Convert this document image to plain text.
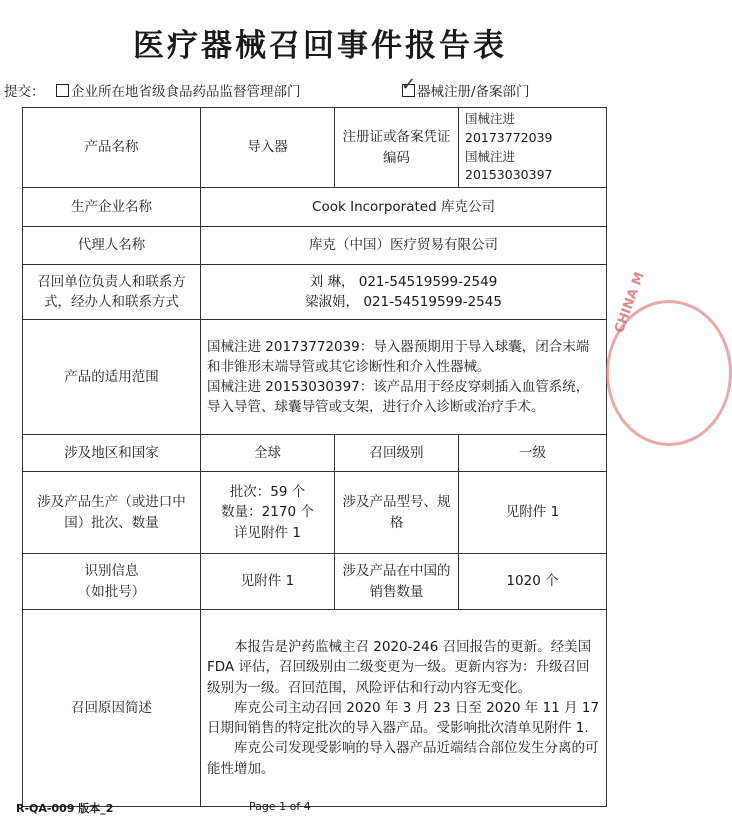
医疗器械召回事件报告表
提交：	企业所在地省级食品药品监督管理部门	✓ 器械注册/备案部门
产品名称	导入器	注册证或备案凭证编码	国械注进 20173772039
国械注进 20153030397

生产企业名称	Cook Incorporated 库克公司		
代理人名称	库克（中国）医疗贸易有限公司		
召回单位负责人和联系方式，经办人和联系方式	刘 琳， 021-54519599-2549
梁淑娟， 021-54519599-2545		

产品的适用范围	国械注进 20173772039：导入器预期用于导入球囊，闭合末端和非锥形末端导管或其它诊断性和介入性器械。
国械注进 20153030397：该产品用于经皮穿刺插入血管系统，导入导管、球囊导管或支架，进行介入诊断或治疗手术。		

涉及地区和国家	全球	召回级别	一级
涉及产品生产（或进口中国）批次、数量	批次：59 个
数量：2170 个
详见附件 1	涉及产品型号、规格	见附件 1

识别信息
（如批号）	见附件 1	涉及产品在中国的销售数量	1020 个
召回原因简述	本报告是沪药监械主召 2020-246 召回报告的更新。经美国 FDA 评估，召回级别由二级变更为一级。更新内容为：升级召回级别为一级。召回范围，风险评估和行动内容无变化。
库克公司主动召回 2020 年 3 月 23 日至 2020 年 11 月 17 日期间销售的特定批次的导入器产品。受影响批次清单见附件 1.
库克公司发现受影响的导入器产品近端结合部位发生分离的可能性增加。		
CHINA M
R-QA-009 版本_2	Page 1 of 4
